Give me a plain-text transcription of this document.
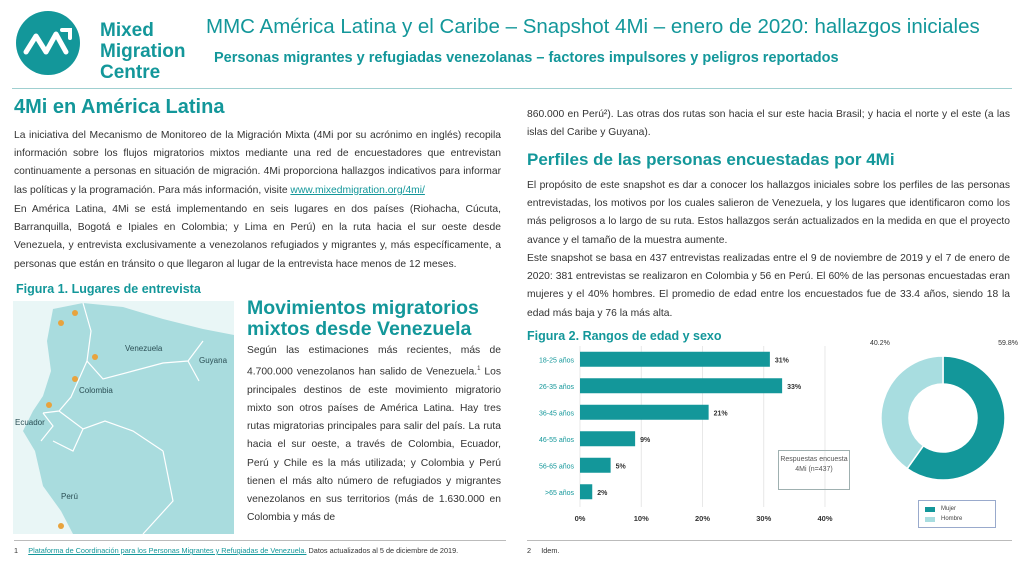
Mixed
Migration
Centre
MMC América Latina y el Caribe – Snapshot 4Mi – enero de 2020: hallazgos iniciales
Personas migrantes y refugiadas venezolanas – factores impulsores y peligros reportados
4Mi en América Latina
La iniciativa del Mecanismo de Monitoreo de la Migración Mixta (4Mi por su acrónimo en inglés) recopila información sobre los flujos migratorios mixtos mediante una red de encuestadores que entrevistan continuamente a personas en situación de migración. 4Mi proporciona hallazgos indicativos para informar las políticas y la programación. Para más información, visite www.mixedmigration.org/4mi/
En América Latina, 4Mi se está implementando en seis lugares en dos países (Riohacha, Cúcuta, Barranquilla, Bogotá e Ipiales en Colombia; y Lima en Perú) en la ruta hacia el sur oeste desde Venezuela, y entrevista exclusivamente a venezolanos refugiados y migrantes y, más específicamente, a personas que están en tránsito o que llegaron al lugar de la entrevista hace menos de 12 meses.
Figura 1. Lugares de entrevista
Venezuela
Guyana
Colombia
Ecuador
Perú
Movimientos migratorios mixtos desde Venezuela
Según las estimaciones más recientes, más de 4.700.000 venezolanos han salido de Venezuela.$^1$ Los principales destinos de este movimiento migratorio mixto son otros países de América Latina. Hay tres rutas migratorias principales para salir del país. La ruta hacia el sur oeste, a través de Colombia, Ecuador, Perú y Chile es la más utilizada; y Colombia y Perú tienen el más alto número de refugiados y migrantes venezolanos en sus territorios (más de 1.630.000 en Colombia y más de
860.000 en Perú²). Las otras dos rutas son hacia el sur este hacia Brasil; y hacia el norte y el este (a las islas del Caribe y Guyana).
Perfiles de las personas encuestadas por 4Mi
El propósito de este snapshot es dar a conocer los hallazgos iniciales sobre los perfiles de las personas entrevistadas, los motivos por los cuales salieron de Venezuela, y los lugares que identificaron como los más peligrosos a lo largo de su ruta. Estos hallazgos serán actualizados en la medida en que el proyecto avance y el tamaño de la muestra aumente.
Este snapshot se basa en 437 entrevistas realizadas entre el 9 de noviembre de 2019 y el 7 de enero de 2020: 381 entrevistas se realizaron en Colombia y 56 en Perú. El 60% de las personas encuestadas eran mujeres y el 40% hombres. El promedio de edad entre los encuestados fue de 33.4 años, siendo 18 la edad más baja y 76 la más alta.
Figura 2. Rangos de edad y sexo
0%	10%	20%	30%	40%
18-25 años	31%
26-35 años	33%
36-45 años	21%
46-55 años	9%
56-65 años	5%
>65 años	2%
Respuestas encuesta 4Mi (n=437)
59.8%
40.2%
Mujer
Hombre
1 Plataforma de Coordinación para los Personas Migrantes y Refugiadas de Venezuela. Datos actualizados al 5 de diciembre de 2019.	2 Idem.
